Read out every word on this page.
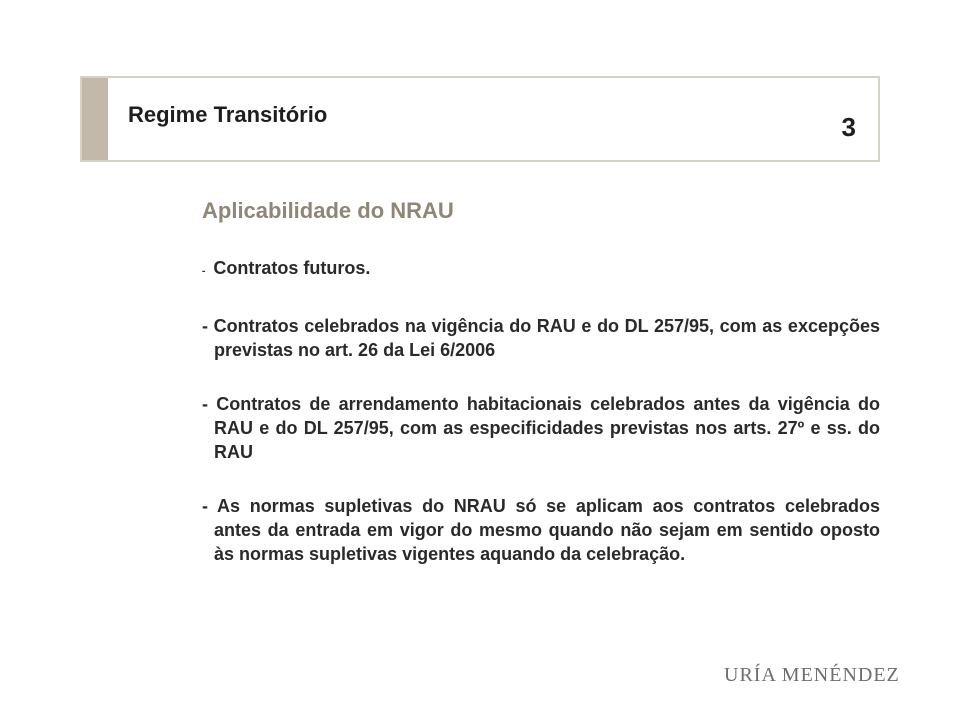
Regime Transitório	3
Aplicabilidade do NRAU
- Contratos futuros.
- Contratos celebrados na vigência do RAU e do DL 257/95, com as excepções previstas no art. 26 da Lei 6/2006
- Contratos de arrendamento habitacionais celebrados antes da vigência do RAU e do DL 257/95, com as especificidades previstas nos arts. 27º e ss. do RAU
- As normas supletivas do NRAU só se aplicam aos contratos celebrados antes da entrada em vigor do mesmo quando não sejam em sentido oposto às normas supletivas vigentes aquando da celebração.
URÍA MENÉNDEZ
